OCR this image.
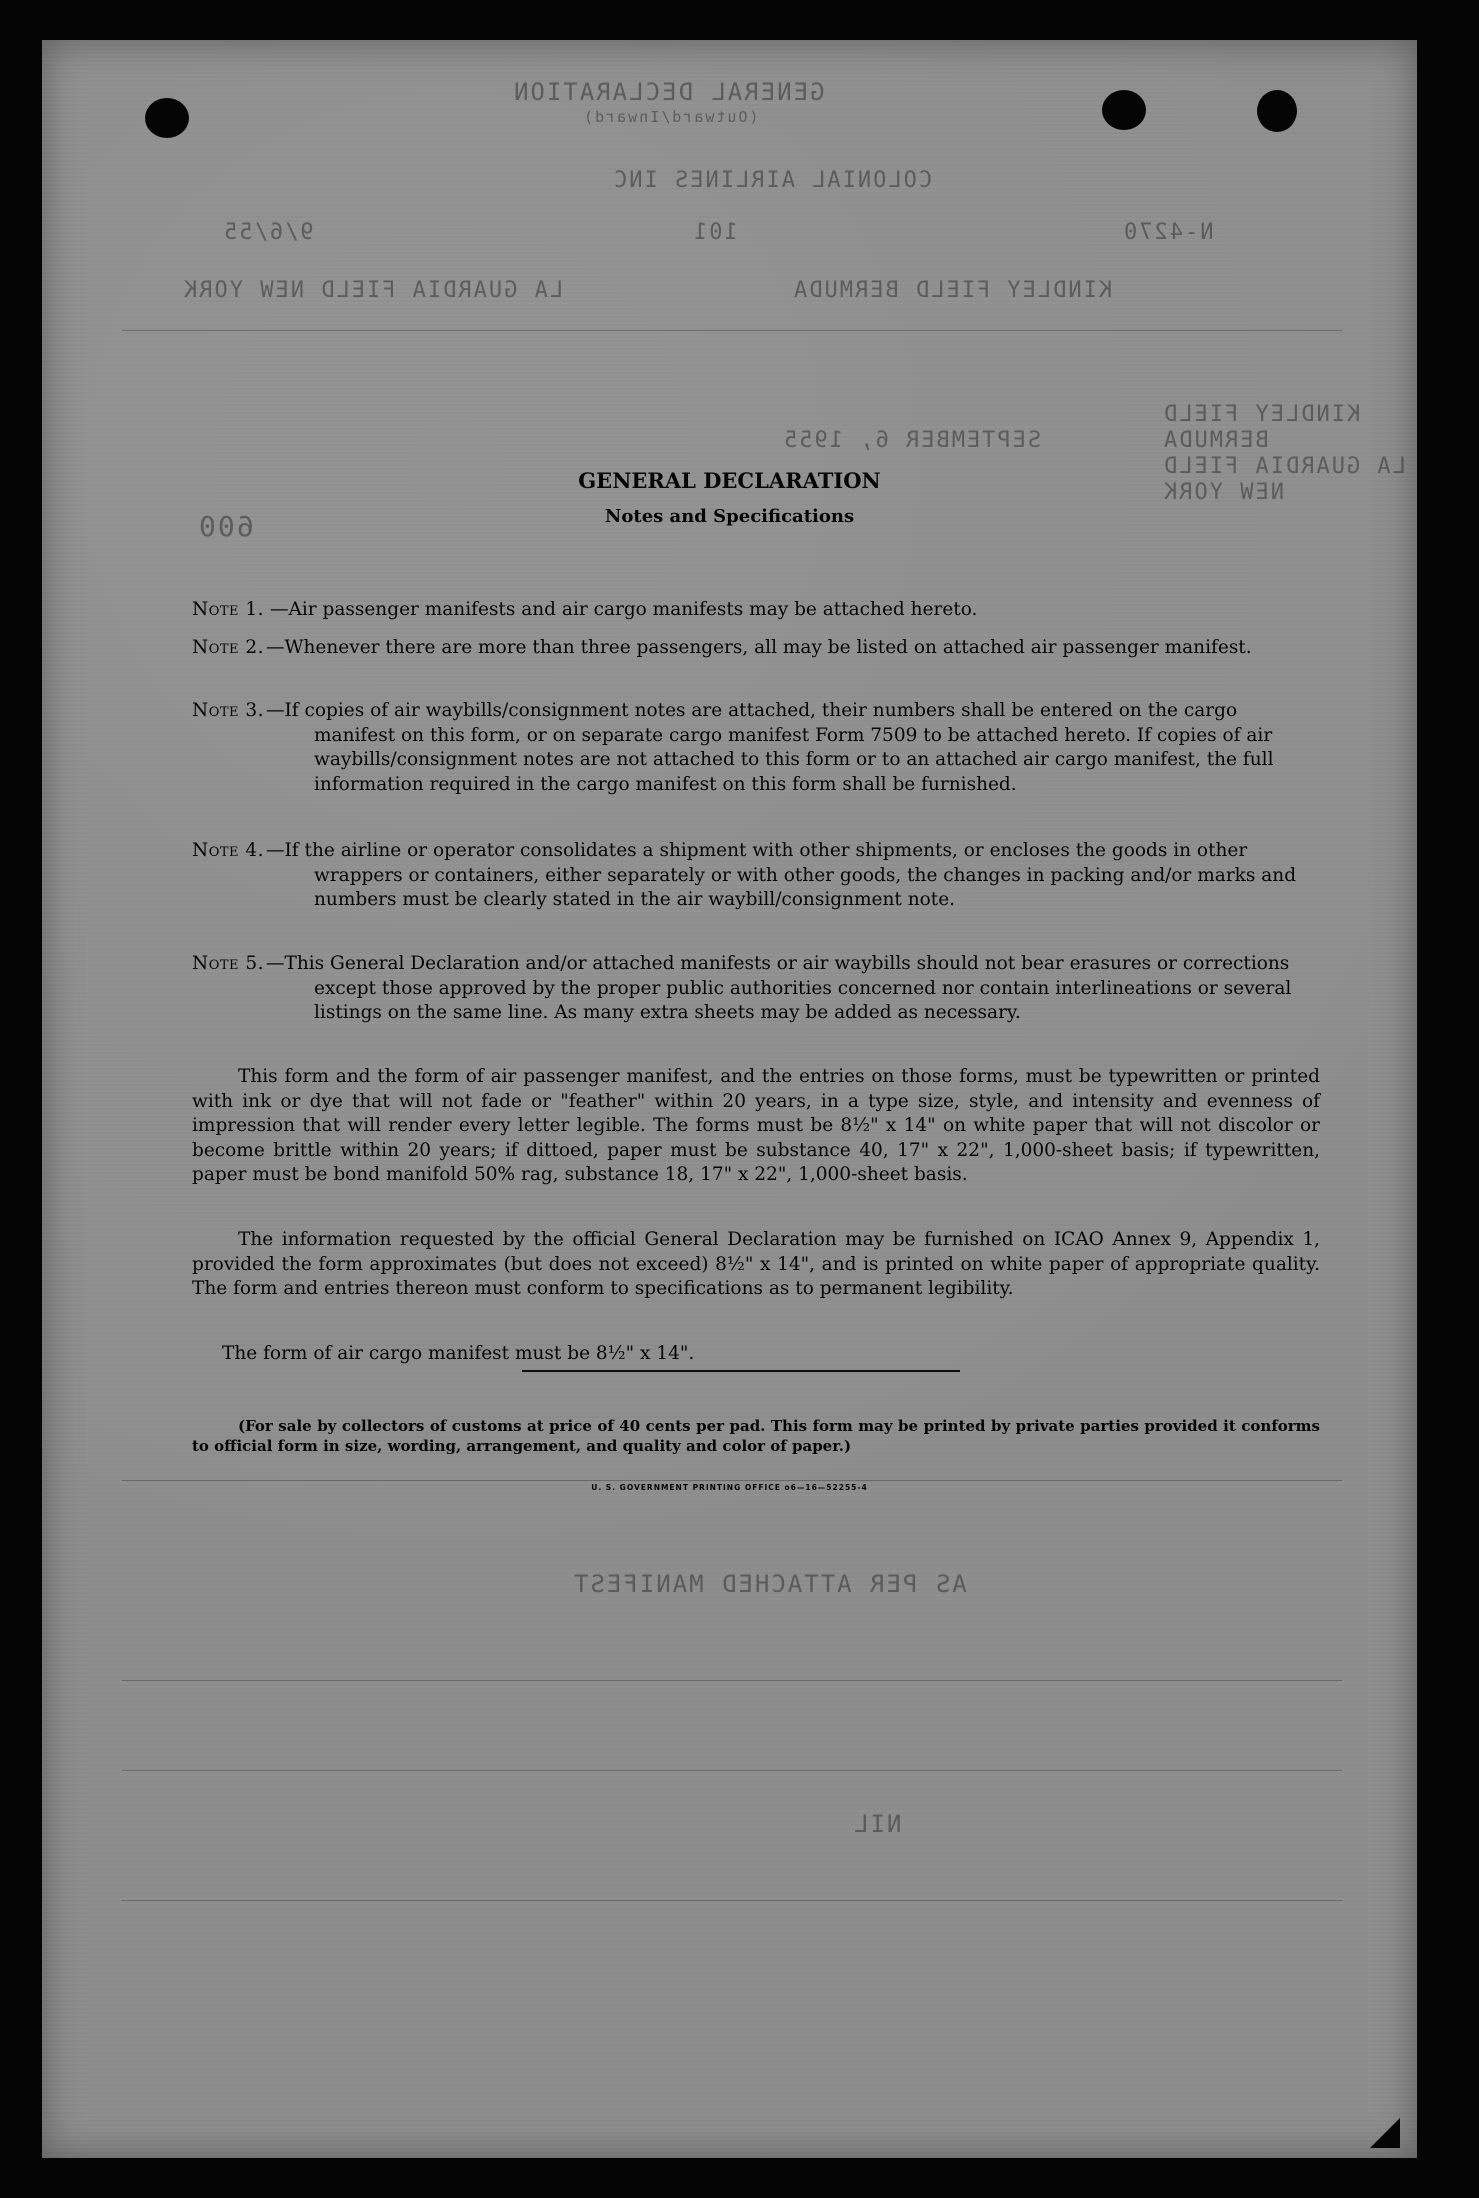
GENERAL DECLARATION
(Outward/Inward)
COLONIAL AIRLINES INC
N-4270
101
9/6/55
KINDLEY FIELD BERMUDA
LA GUARDIA FIELD NEW YORK
KINDLEY FIELD
BERMUDA
LA GUARDIA FIELD
NEW YORK
SEPTEMBER 6, 1955
600
AS PER ATTACHED MANIFEST
NIL
GENERAL DECLARATION
Notes and Specifications
Note 1. —Air passenger manifests and air cargo manifests may be attached hereto.
Note 2. —Whenever there are more than three passengers, all may be listed on attached air passenger manifest.
Note 3. —If copies of air waybills/consignment notes are attached, their numbers shall be entered on the cargo manifest on this form, or on separate cargo manifest Form 7509 to be attached hereto. If copies of air waybills/consignment notes are not attached to this form or to an attached air cargo manifest, the full information required in the cargo manifest on this form shall be furnished.
Note 4. —If the airline or operator consolidates a shipment with other shipments, or encloses the goods in other wrappers or containers, either separately or with other goods, the changes in packing and/or marks and numbers must be clearly stated in the air waybill/consignment note.
Note 5. —This General Declaration and/or attached manifests or air waybills should not bear erasures or corrections except those approved by the proper public authorities concerned nor contain interlineations or several listings on the same line. As many extra sheets may be added as necessary.
This form and the form of air passenger manifest, and the entries on those forms, must be typewritten or printed with ink or dye that will not fade or "feather" within 20 years, in a type size, style, and intensity and evenness of impression that will render every letter legible. The forms must be 8½" x 14" on white paper that will not discolor or become brittle within 20 years; if dittoed, paper must be substance 40, 17" x 22", 1,000-sheet basis; if typewritten, paper must be bond manifold 50% rag, substance 18, 17" x 22", 1,000-sheet basis.
The information requested by the official General Declaration may be furnished on ICAO Annex 9, Appendix 1, provided the form approximates (but does not exceed) 8½" x 14", and is printed on white paper of appropriate quality. The form and entries thereon must conform to specifications as to permanent legibility.
The form of air cargo manifest must be 8½" x 14".
(For sale by collectors of customs at price of 40 cents per pad. This form may be printed by private parties provided it conforms to official form in size, wording, arrangement, and quality and color of paper.)
U. S. GOVERNMENT PRINTING OFFICE o6—16—52255-4
